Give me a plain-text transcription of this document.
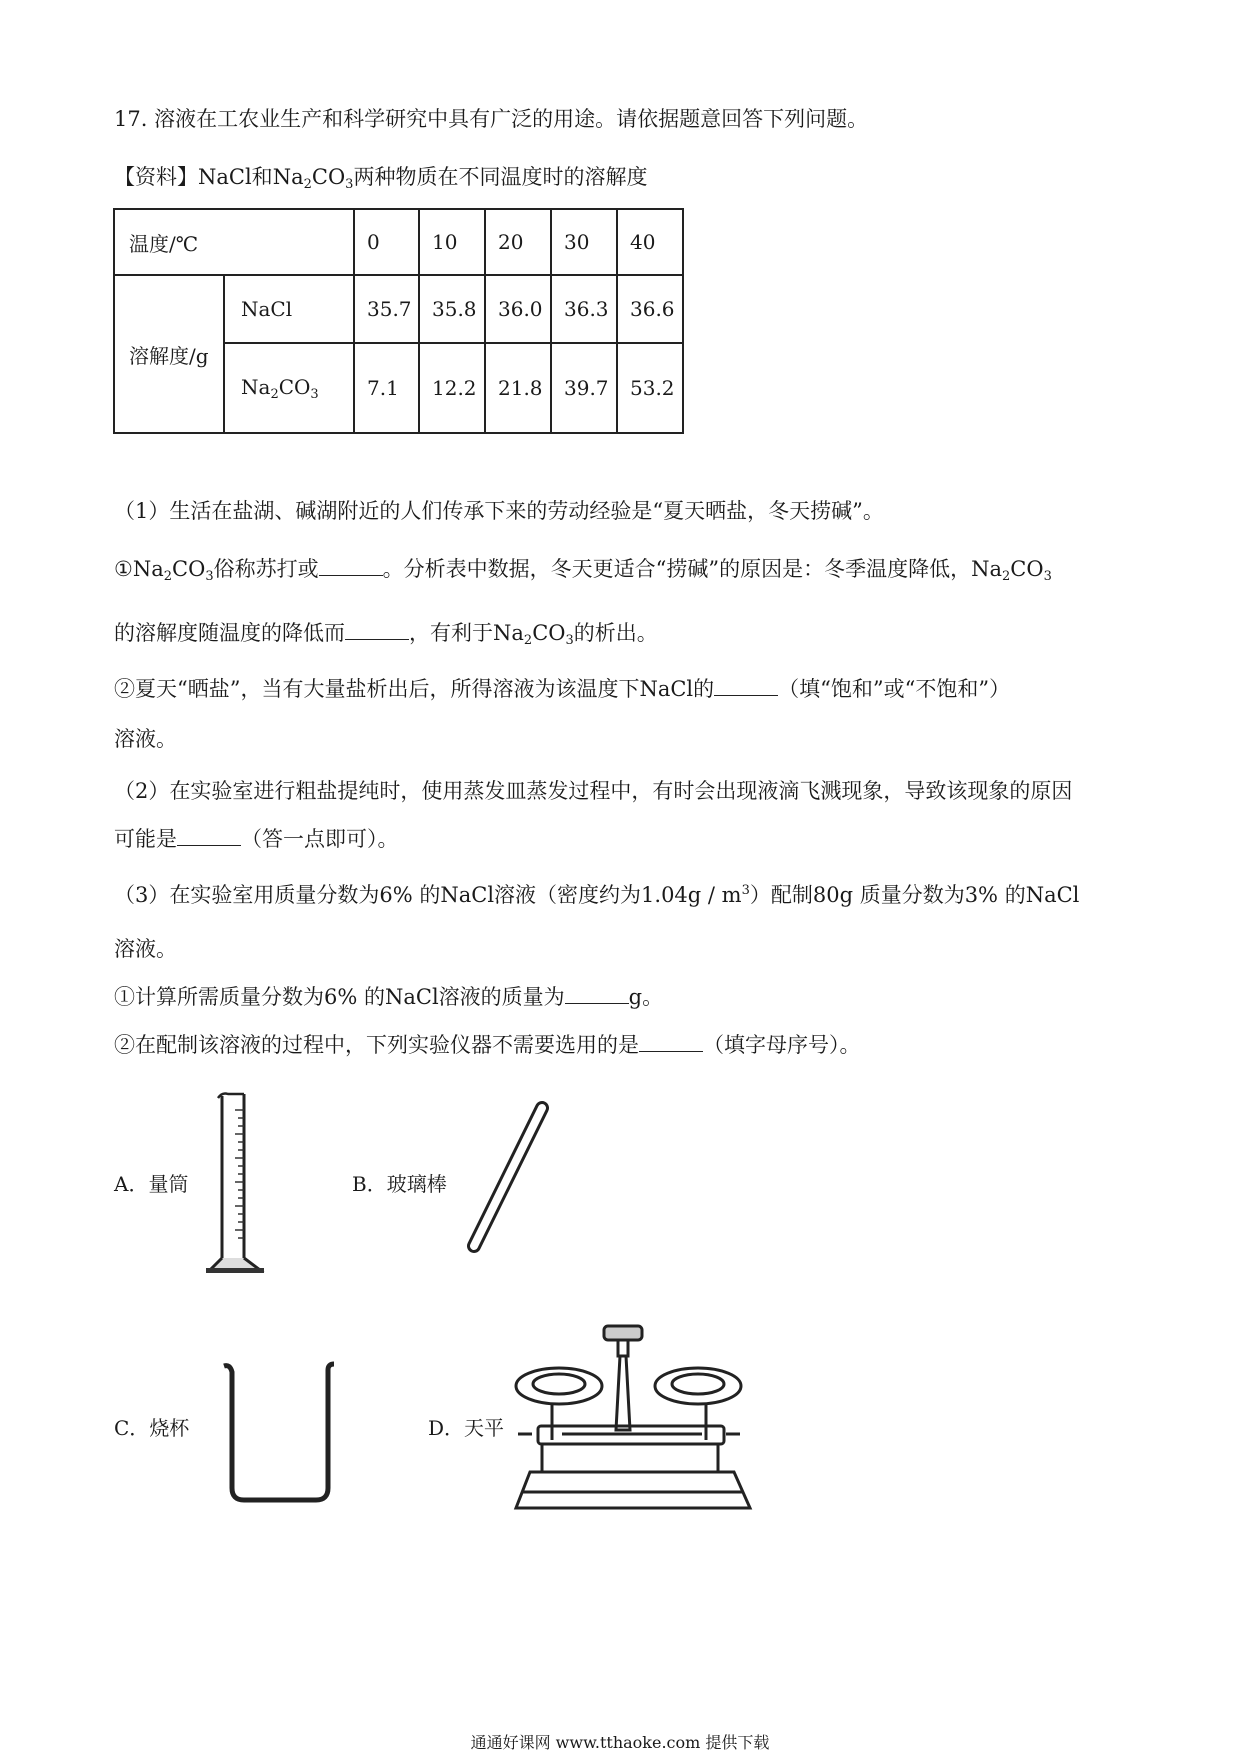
17. 溶液在工农业生产和科学研究中具有广泛的用途。请依据题意回答下列问题。
【资料】NaCl和$Na_2CO_3$两种物质在不同温度时的溶解度
温度/℃		0	10	20	30	40
溶解度/g	NaCl	35.7	35.8	36.0	36.3	36.6
	$Na_2CO_3$	7.1	12.2	21.8	39.7	53.2
（1）生活在盐湖、碱湖附近的人们传承下来的劳动经验是“夏天晒盐，冬天捞碱”。
$①Na_2CO_3$俗称苏打或	。分析表中数据，冬天更适合“捞碱”的原因是：冬季温度降低，$Na_2CO_3$
的溶解度随温度的降低而	，有利于$Na_2CO_3$的析出。
②夏天“晒盐”，当有大量盐析出后，所得溶液为该温度下NaCl的	（填“饱和”或“不饱和”）
溶液。
（2）在实验室进行粗盐提纯时，使用蒸发皿蒸发过程中，有时会出现液滴飞溅现象，导致该现象的原因
可能是	（答一点即可）。
（3）在实验室用质量分数为6% 的NaCl溶液（密度约为$1.04g / m^3$）配制80g 质量分数为3% 的NaCl
溶液。
①计算所需质量分数为6% 的NaCl溶液的质量为	g。
②在配制该溶液的过程中，下列实验仪器不需要选用的是	（填字母序号）。
A．量筒	B．玻璃棒
C．烧杯	D．天平
通通好课网 www.tthaoke.com 提供下载
